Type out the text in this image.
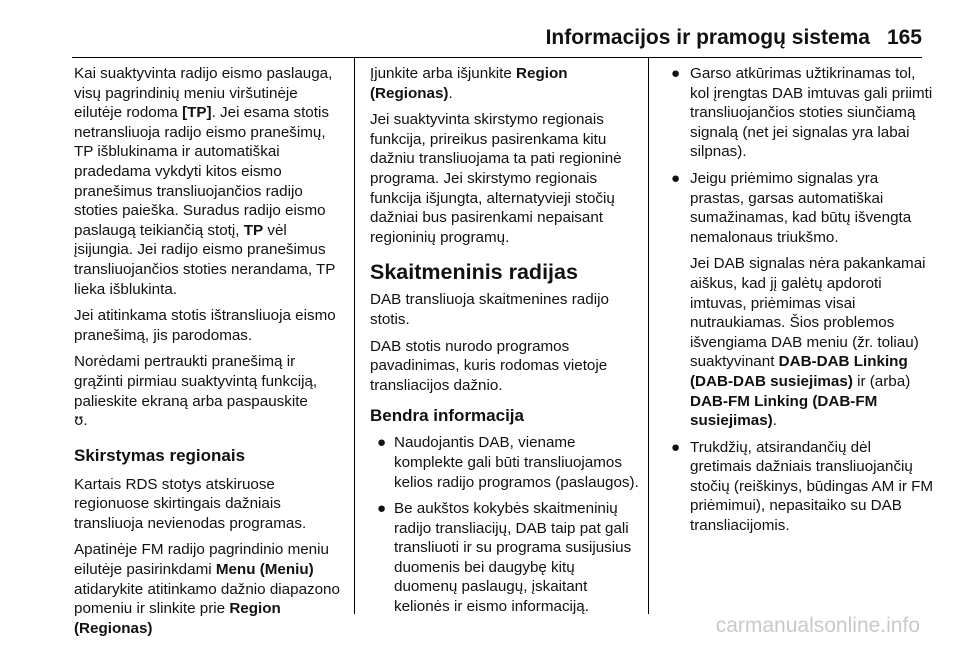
Informacijos ir pramogų sistema 165

Kai suaktyvinta radijo eismo paslauga, visų pagrindinių meniu viršutinėje eilutėje rodoma [TP]. Jei esama stotis netransliuoja radijo eismo pranešimų, TP išblukinama ir automatiškai pradedama vykdyti kitos eismo pranešimus transliuojančios radijo stoties paieška. Suradus radijo eismo paslaugą teikiančią stotį, TP vėl įsijungia. Jei radijo eismo pranešimus transliuojančios stoties nerandama, TP lieka išblukinta.

Jei atitinkama stotis ištransliuoja eismo pranešimą, jis parodomas.

Norėdami pertraukti pranešimą ir grąžinti pirmiau suaktyvintą funkciją, palieskite ekraną arba paspauskite
ʊ.

Skirstymas regionais

Kartais RDS stotys atskiruose regionuose skirtingais dažniais transliuoja nevienodas programas.

Apatinėje FM radijo pagrindinio meniu eilutėje pasirinkdami Menu (Meniu) atidarykite atitinkamo dažnio diapazono pomeniu ir slinkite prie Region (Regionas)

Įjunkite arba išjunkite Region (Regionas).

Jei suaktyvinta skirstymo regionais funkcija, prireikus pasirenkama kitu dažniu transliuojama ta pati regioninė programa. Jei skirstymo regionais funkcija išjungta, alternatyvieji stočių dažniai bus pasirenkami nepaisant regioninių programų.

Skaitmeninis radijas

DAB transliuoja skaitmenines radijo stotis.

DAB stotis nurodo programos pavadinimas, kuris rodomas vietoje transliacijos dažnio.

Bendra informacija
● Naudojantis DAB, viename komplekte gali būti transliuojamos kelios radijo programos (paslaugos).
● Be aukštos kokybės skaitmeninių radijo transliacijų, DAB taip pat gali transliuoti ir su programa susijusius duomenis bei daugybę kitų duomenų paslaugų, įskaitant kelionės ir eismo informaciją.
● Garso atkūrimas užtikrinamas tol, kol įrengtas DAB imtuvas gali priimti transliuojančios stoties siunčiamą signalą (net jei signalas yra labai silpnas).
● Jeigu priėmimo signalas yra prastas, garsas automatiškai sumažinamas, kad būtų išvengta nemalonaus triukšmo.

Jei DAB signalas nėra pakankamai aiškus, kad jį galėtų apdoroti imtuvas, priėmimas visai nutraukiamas. Šios problemos išvengiama DAB meniu (žr. toliau) suaktyvinant DAB-DAB Linking (DAB-DAB susiejimas) ir (arba) DAB-FM Linking (DAB-FM susiejimas).

● Trukdžių, atsirandančių dėl gretimais dažniais transliuojančių stočių (reiškinys, būdingas AM ir FM priėmimui), nepasitaiko su DAB transliacijomis.
carmanualsonline.info
